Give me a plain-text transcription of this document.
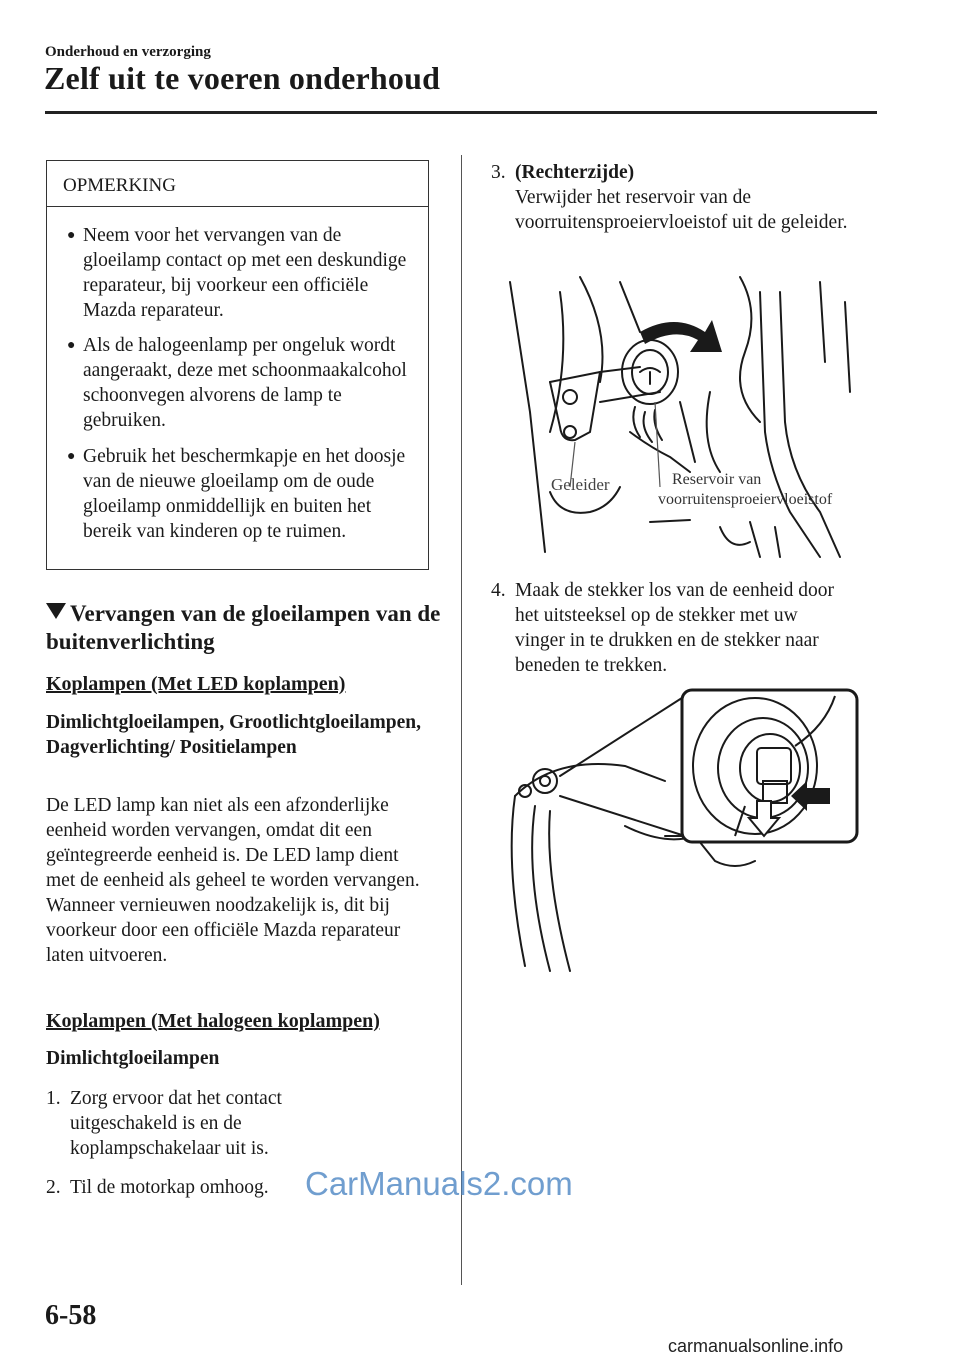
Onderhoud en verzorging
Zelf uit te voeren onderhoud
OPMERKING
● Neem voor het vervangen van de gloeilamp contact op met een deskundige reparateur, bij voorkeur een officiële Mazda reparateur.
● Als de halogeenlamp per ongeluk wordt aangeraakt, deze met schoonmaakalcohol schoonvegen alvorens de lamp te gebruiken.
● Gebruik het beschermkapje en het doosje van de nieuwe gloeilamp om de oude gloeilamp onmiddellijk en buiten het bereik van kinderen op te ruimen.
Vervangen van de gloeilampen van de buitenverlichting
Koplampen (Met LED koplampen)
Dimlichtgloeilampen, Grootlichtgloeilampen, Dagverlichting/ Positielampen
De LED lamp kan niet als een afzonderlijke eenheid worden vervangen, omdat dit een geïntegreerde eenheid is. De LED lamp dient met de eenheid als geheel te worden vervangen. Wanneer vernieuwen noodzakelijk is, dit bij voorkeur door een officiële Mazda reparateur laten uitvoeren.
Koplampen (Met halogeen koplampen)
Dimlichtgloeilampen
1. Zorg ervoor dat het contact uitgeschakeld is en de koplampschakelaar uit is.
2. Til de motorkap omhoog.
3. (Rechterzijde)
Verwijder het reservoir van de voorruitensproeiervloeistof uit de geleider.
Geleider	Reservoir van
voorruitensproeiervloeistof
4. Maak de stekker los van de eenheid door het uitsteeksel op de stekker met uw vinger in te drukken en de stekker naar beneden te trekken.
6-58
CarManuals2.com
carmanualsonline.info
